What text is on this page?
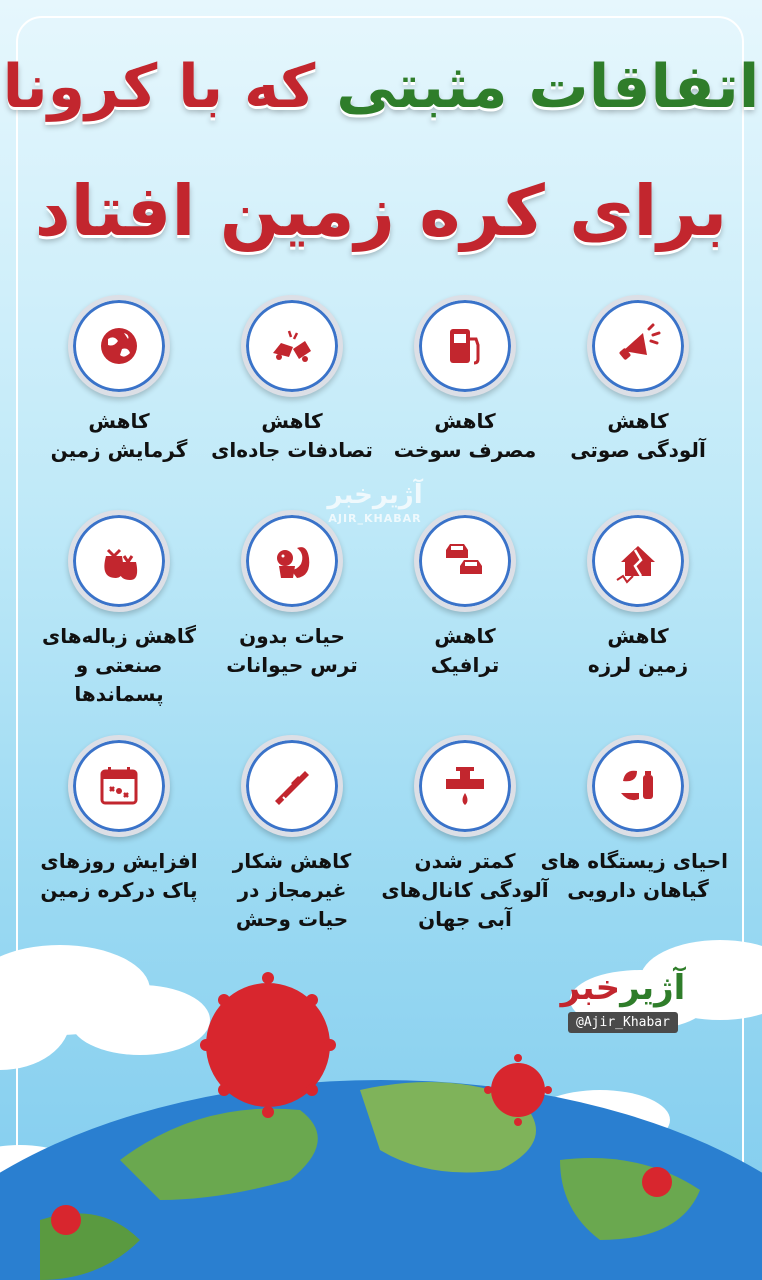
اتفاقات مثبتی که با کرونا
برای کره زمین افتاد
آژیرخبر
AJIR_KHABAR
کاهش
آلودگی صوتی
کاهش
مصرف سوخت
کاهش
تصادفات جاده‌ای
کاهش
گرمایش زمین
کاهش
زمین لرزه
کاهش
ترافیک
حیات بدون
ترس حیوانات
گاهش زباله‌های
صنعتی و
پسماندها
احیای زیستگاه های
گیاهان دارویی
کمتر شدن
آلودگی کانال‌های
آبی جهان
کاهش شکار
غیرمجاز در
حیات وحش
افزایش روزهای
پاک درکره زمین
آژیرخبر
@Ajir_Khabar
